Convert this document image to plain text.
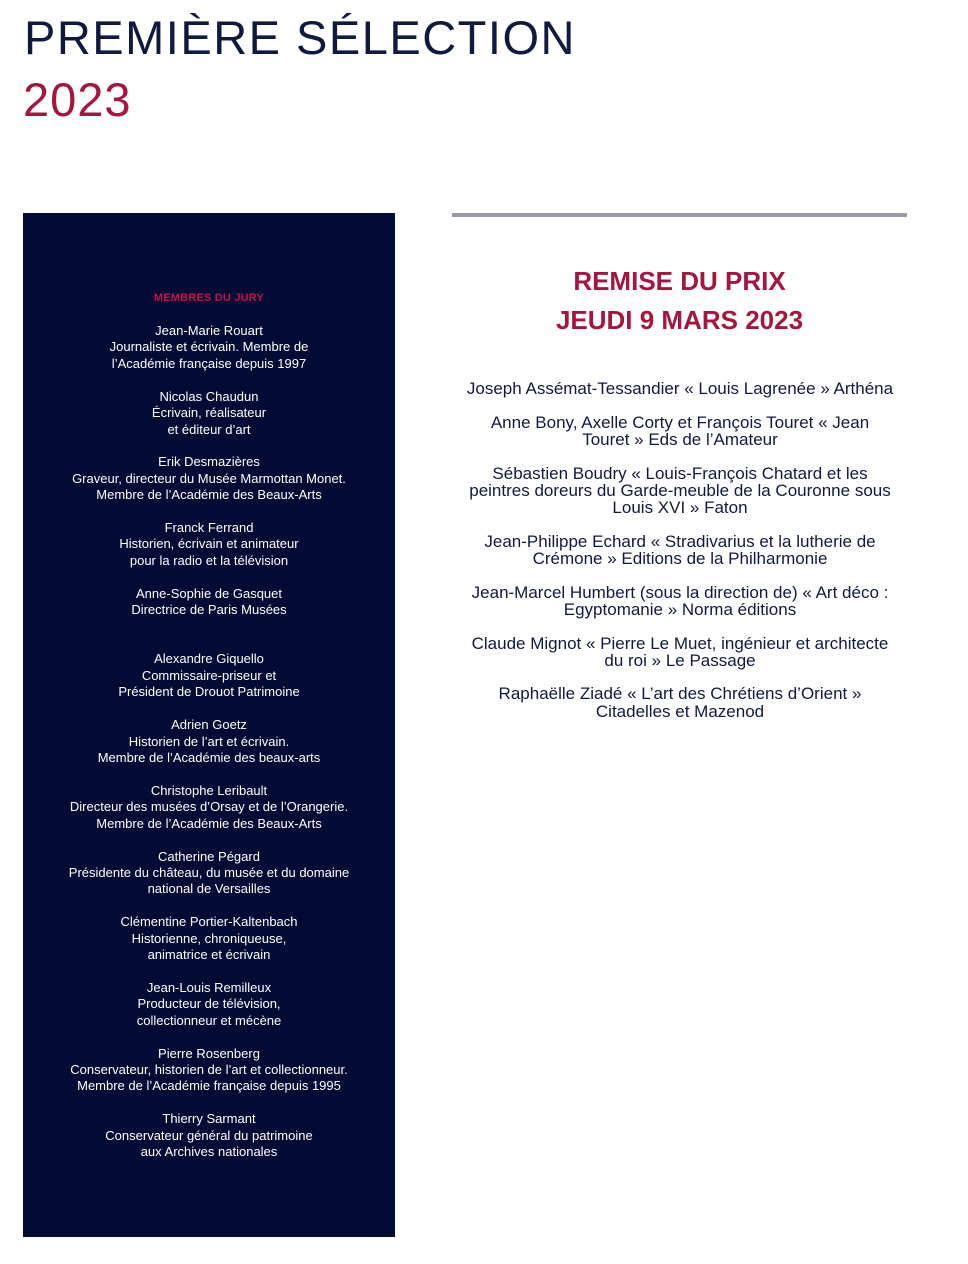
PREMIÈRE SÉLECTION
2023
MEMBRES DU JURY
Jean-Marie Rouart
Journaliste et écrivain. Membre de
l’Académie française depuis 1997
Nicolas Chaudun
Écrivain, réalisateur
et éditeur d’art
Erik Desmazières
Graveur, directeur du Musée Marmottan Monet.
Membre de l’Académie des Beaux-Arts
Franck Ferrand
Historien, écrivain et animateur
pour la radio et la télévision
Anne-Sophie de Gasquet
Directrice de Paris Musées
Alexandre Giquello
Commissaire-priseur et
Président de Drouot Patrimoine
Adrien Goetz
Historien de l’art et écrivain.
Membre de l’Académie des beaux-arts
Christophe Leribault
Directeur des musées d’Orsay et de l’Orangerie.
Membre de l’Académie des Beaux-Arts
Catherine Pégard
Présidente du château, du musée et du domaine
national de Versailles
Clémentine Portier-Kaltenbach
Historienne, chroniqueuse,
animatrice et écrivain
Jean-Louis Remilleux
Producteur de télévision,
collectionneur et mécène
Pierre Rosenberg
Conservateur, historien de l’art et collectionneur.
Membre de l’Académie française depuis 1995
Thierry Sarmant
Conservateur général du patrimoine
aux Archives nationales
REMISE DU PRIX
JEUDI 9 MARS 2023
Joseph Assémat-Tessandier « Louis Lagrenée » Arthéna
Anne Bony, Axelle Corty et François Touret « Jean
Touret » Eds de l’Amateur
Sébastien Boudry « Louis-François Chatard et les
peintres doreurs du Garde-meuble de la Couronne sous
Louis XVI » Faton
Jean-Philippe Echard « Stradivarius et la lutherie de
Crémone » Editions de la Philharmonie
Jean-Marcel Humbert (sous la direction de) « Art déco :
Egyptomanie » Norma éditions
Claude Mignot « Pierre Le Muet, ingénieur et architecte
du roi » Le Passage
Raphaëlle Ziadé « L’art des Chrétiens d’Orient »
Citadelles et Mazenod
